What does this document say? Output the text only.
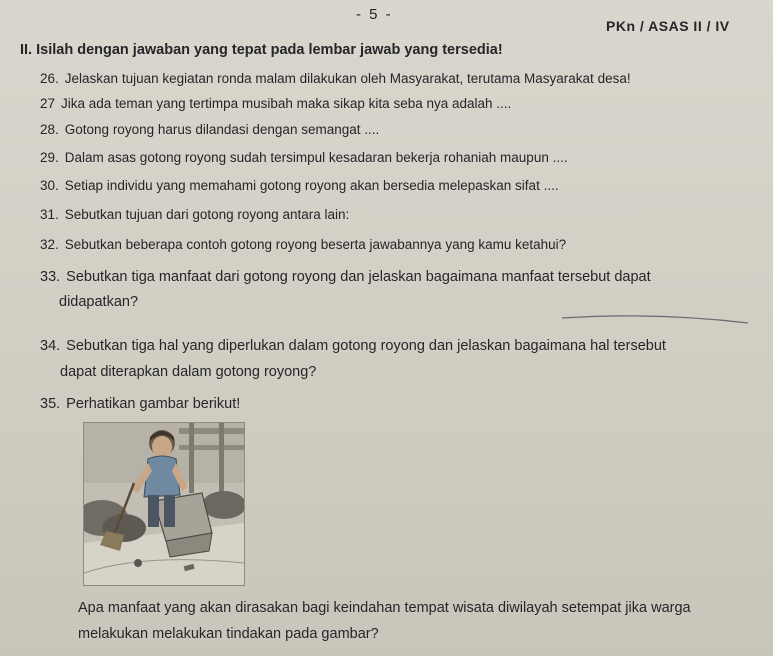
- 5 -
PKn / ASAS II / IV
II. Isilah dengan jawaban yang tepat pada lembar jawab yang tersedia!
26. Jelaskan tujuan kegiatan ronda malam dilakukan oleh Masyarakat, terutama Masyarakat desa!
27 Jika ada teman yang tertimpa musibah maka sikap kita seba nya adalah ....
28. Gotong royong harus dilandasi dengan semangat ....
29. Dalam asas gotong royong sudah tersimpul kesadaran bekerja rohaniah maupun ....
30. Setiap individu yang memahami gotong royong akan bersedia melepaskan sifat ....
31. Sebutkan tujuan dari gotong royong antara lain:
32. Sebutkan beberapa contoh gotong royong beserta jawabannya yang kamu ketahui?
33. Sebutkan tiga manfaat dari gotong royong dan jelaskan bagaimana manfaat tersebut dapat
didapatkan?
34. Sebutkan tiga hal yang diperlukan dalam gotong royong dan jelaskan bagaimana hal tersebut
dapat diterapkan dalam gotong royong?
35. Perhatikan gambar berikut!
Apa manfaat yang akan dirasakan bagi keindahan tempat wisata diwilayah setempat jika warga
melakukan melakukan tindakan pada gambar?
